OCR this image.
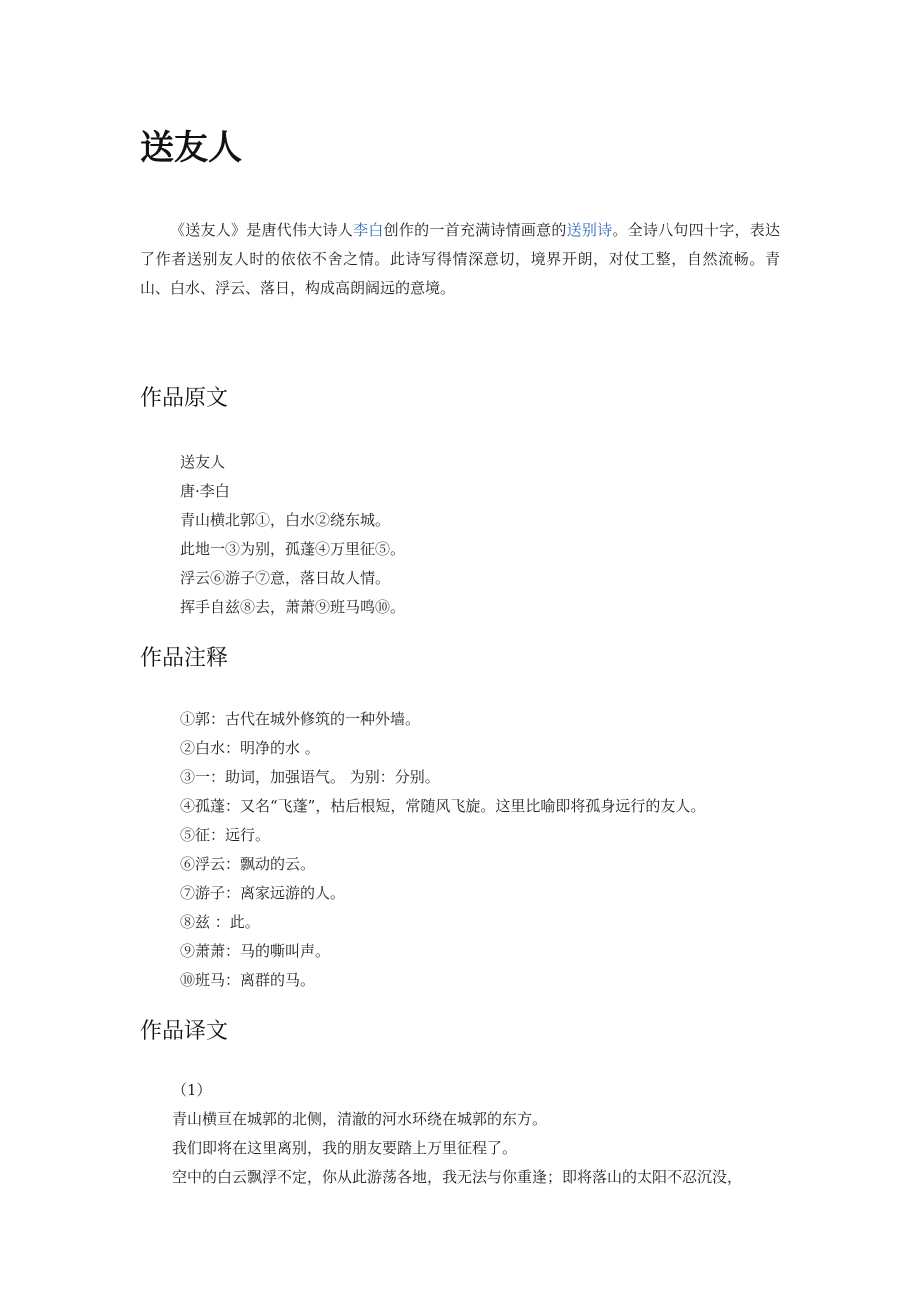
送友人

《送友人》是唐代伟大诗人李白创作的一首充满诗情画意的送别诗。全诗八句四十字，表达了作者送别友人时的依依不舍之情。此诗写得情深意切，境界开朗，对仗工整，自然流畅。青山、白水、浮云、落日，构成高朗阔远的意境。

作品原文
送友人
唐·李白
青山横北郭①，白水②绕东城。
此地一③为别，孤蓬④万里征⑤。
浮云⑥游子⑦意，落日故人情。
挥手自兹⑧去，萧萧⑨班马鸣⑩。
作品注释
①郭：古代在城外修筑的一种外墙。
②白水：明净的水 。
③一：助词，加强语气。 为别：分别。
④孤蓬：又名“飞蓬”，枯后根短，常随风飞旋。这里比喻即将孤身远行的友人。
⑤征：远行。
⑥浮云：飘动的云。
⑦游子：离家远游的人。
⑧兹 ：此。
⑨萧萧：马的嘶叫声。
⑩班马：离群的马。
作品译文
（1）
青山横亘在城郭的北侧，清澈的河水环绕在城郭的东方。
我们即将在这里离别，我的朋友要踏上万里征程了。
空中的白云飘浮不定，你从此游荡各地，我无法与你重逢；即将落山的太阳不忍沉没，
